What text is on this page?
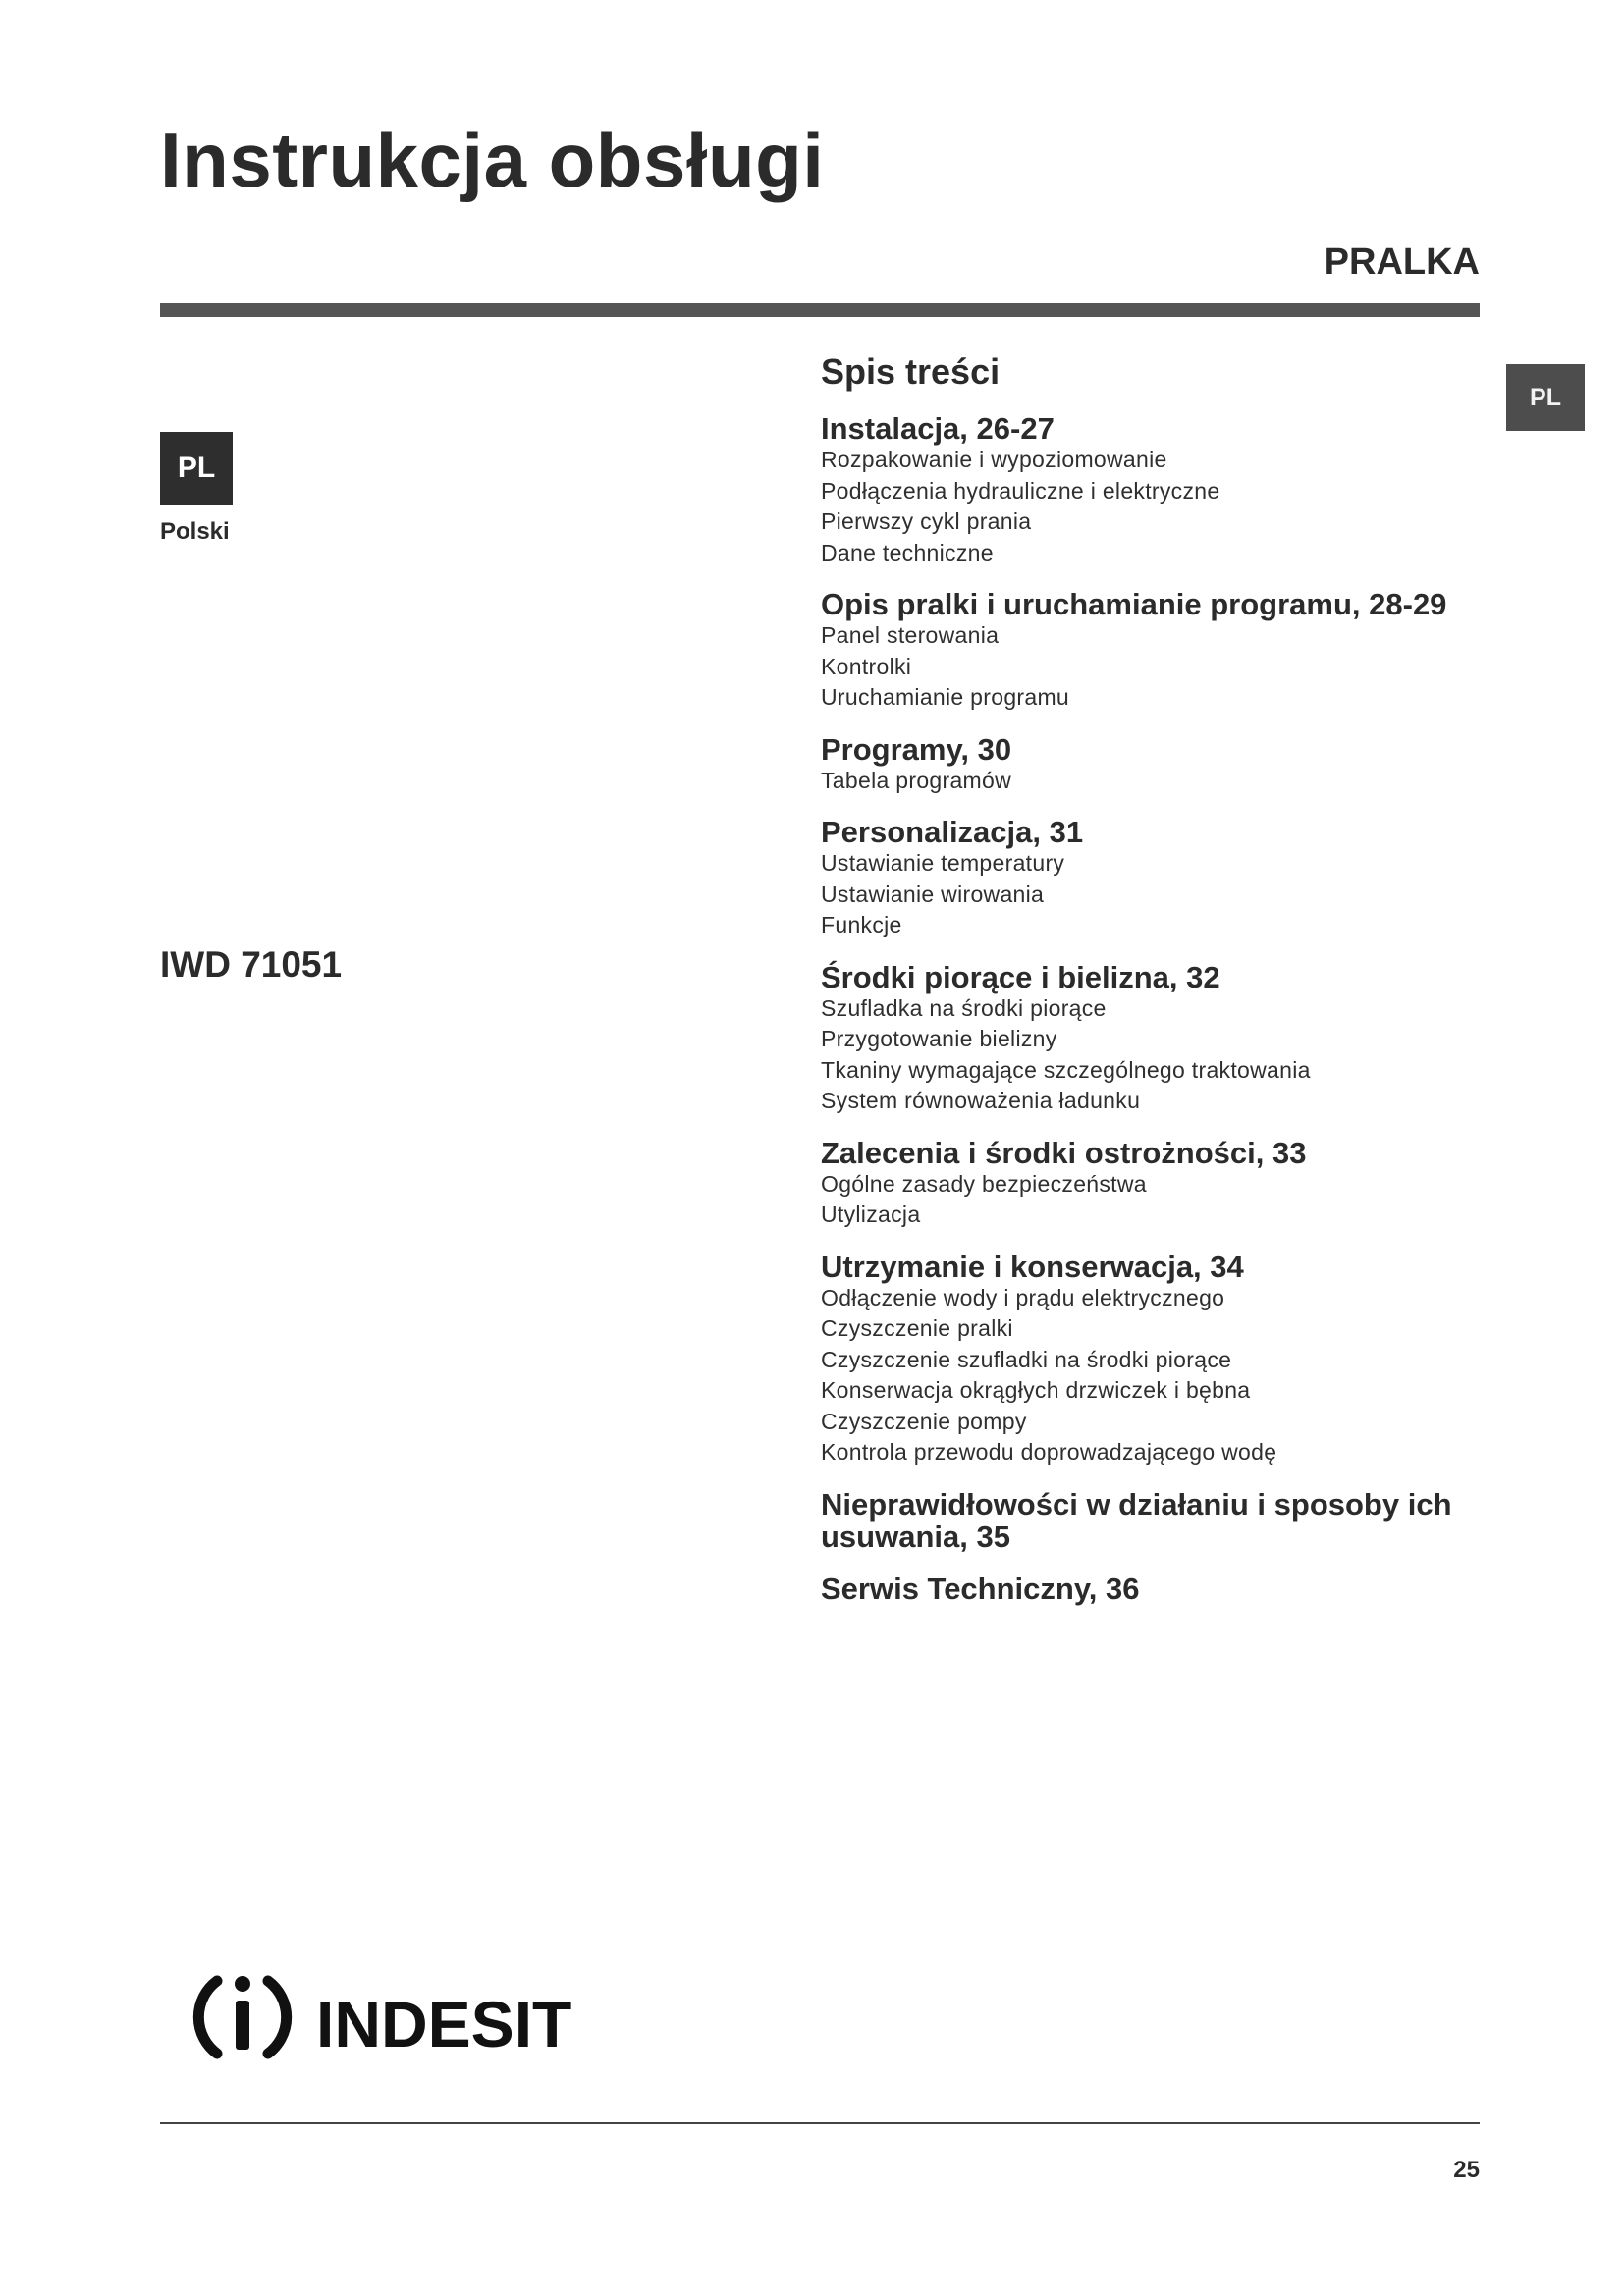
Instrukcja obsługi
PRALKA
PL
PL
Polski
IWD 71051
Spis treści
Instalacja, 26-27
Rozpakowanie i wypoziomowanie
Podłączenia hydrauliczne i elektryczne
Pierwszy cykl prania
Dane techniczne
Opis pralki i uruchamianie programu, 28-29
Panel sterowania
Kontrolki
Uruchamianie programu
Programy, 30
Tabela programów
Personalizacja, 31
Ustawianie temperatury
Ustawianie wirowania
Funkcje
Środki piorące i bielizna, 32
Szufladka na środki piorące
Przygotowanie bielizny
Tkaniny wymagające szczególnego traktowania
System równoważenia ładunku
Zalecenia i środki ostrożności, 33
Ogólne zasady bezpieczeństwa
Utylizacja
Utrzymanie i konserwacja, 34
Odłączenie wody i prądu elektrycznego
Czyszczenie pralki
Czyszczenie szufladki na środki piorące
Konserwacja okrągłych drzwiczek i bębna
Czyszczenie pompy
Kontrola przewodu doprowadzającego wodę
Nieprawidłowości w działaniu i sposoby ich usuwania, 35
Serwis Techniczny, 36
INDESIT
25
